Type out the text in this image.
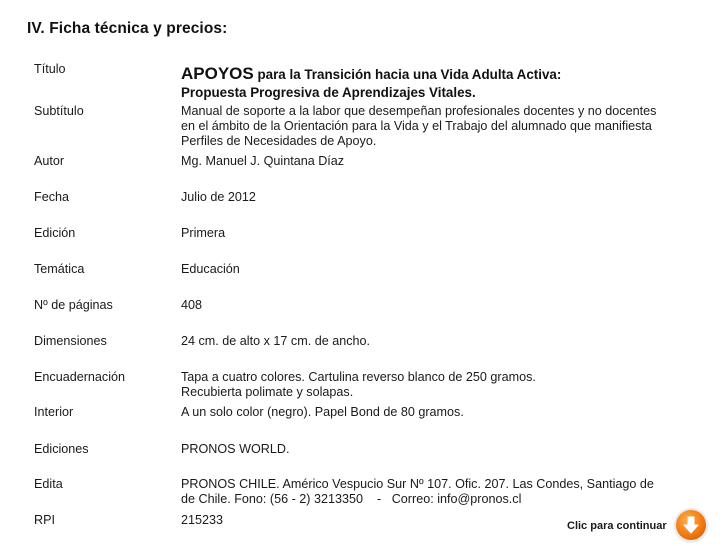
IV. Ficha técnica y precios:
Título	APOYOS para la Transición hacia una Vida Adulta Activa:
Propuesta Progresiva de Aprendizajes Vitales.
Subtítulo	Manual de soporte a la labor que desempeñan profesionales docentes y no docentes
en el ámbito de la Orientación para la Vida y el Trabajo del alumnado que manifiesta
Perfiles de Necesidades de Apoyo.
Autor	Mg. Manuel J. Quintana Díaz
Fecha	Julio de 2012
Edición	Primera
Temática	Educación
Nº de páginas	408
Dimensiones	24 cm. de alto x 17 cm. de ancho.
Encuadernación	Tapa a cuatro colores. Cartulina reverso blanco de 250 gramos.
Recubierta polimate y solapas.
Interior	A un solo color (negro). Papel Bond de 80 gramos.
Ediciones	PRONOS WORLD.
Edita	PRONOS CHILE. Américo Vespucio Sur Nº 107. Ofic. 207. Las Condes, Santiago de
de Chile. Fono: (56 - 2) 3213350    -   Correo: info@pronos.cl
RPI	215233	Clic para continuar
